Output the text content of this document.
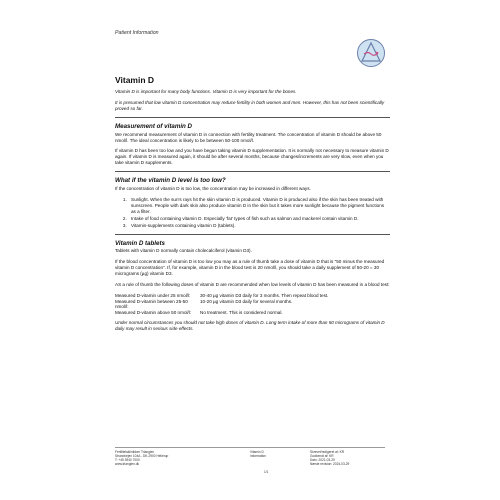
Patient Information
Vitamin D

Vitamin D is important for many body functions. Vitamin D is very important for the bones.

It is presumed that low vitamin D concentration may reduce fertility in both women and men. However, this has not been scientifically proved so far.

Measurement of vitamin D

We recommend measurement of vitamin D in connection with fertility treatment. The concentration of vitamin D should be above 50 nmol/l. The ideal concentration is likely to be between 50-100 nmol/l.

If vitamin D has been too low and you have begun taking vitamin D supplementation. It is normally not necessary to measure vitamin D again. If vitamin D is measured again, it should be after several months, because changes/increments are very slow, even when you take vitamin D supplements.

What if the vitamin D level is too low?

If the concentration of vitamin D is too low, the concentration may be increased in different ways.

1. Sunlight. When the sun's rays hit the skin vitamin D is produced. Vitamin D is produced also if the skin has been treated with sunscreen. People with dark skin also produce vitamin D in the skin but it takes more sunlight because the pigment functions as a filter.
2. Intake of food containing vitamin D. Especially 'fat' types of fish such as salmon and mackerel contain vitamin D.
3. Vitamin-supplements containing vitamin D (tablets).
Vitamin D tablets

Tablets with vitamin D normally contain cholecalciferol (vitamin D3).

If the blood concentration of vitamin D is too low you may as a rule of thumb take a dose of vitamin D that is "50 minus the measured vitamin D concentration". If, for example, vitamin D in the blood test is 20 nmol/l, you should take a daily supplement of 50-20 = 30 micrograms (µg) vitamin D3.

AS a rule of thumb the following doses of vitamin D are recommended when low levels of vitamin D has been measured in a blood test:

Measured D-vitamin under 25 nmol/l:	30-40 µg vitamin D3 daily for 3 months. Then repeat blood test.
Measured D-vitamin between 25-50 nmol/l:	10-20 µg vitamin D3 daily for several months.
Measured D-vitamin above 50 nmol/l:	No treatment. This is considered normal.

Under normal circumstances you should not take high doses of vitamin D. Long term intake of more than 50 micrograms of vitamin D daily may result in serious side effects.

Fertilitetsklinikken Trianglen
Strandvejen 104A - DK-2900 Hellerup
T: +45 3940 7000
www.trianglen.dk
Vitamin D
Information
1/1
Skrevet/redigeret af: KR
Godkendt af: KR
Dato: 2021-03-29
Næste revision: 2024-03-29
